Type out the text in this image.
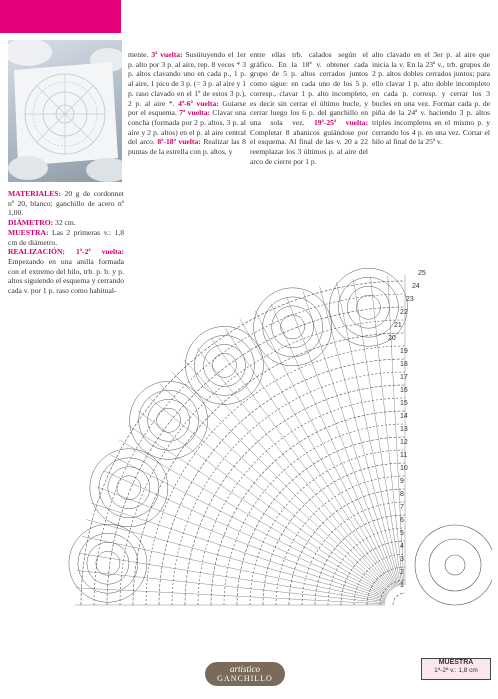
MATERIALES: 20 g de cordonnet nº 20, blanco; ganchillo de acero nº 1,00.

DIÁMETRO: 32 cm.

MUESTRA: Las 2 primeras v.: 1,8 cm de diámetro.

REALIZACIÓN: 1ª-2ª vuelta: Empezando en una anilla formada con el extremo del hilo, trb. p. b. y p. altos siguiendo el esquema y cerrando cada v. por 1 p. raso como habitual-

mente. 3ª vuelta: Sustituyendo el 1er p. alto por 3 p. al aire, rep. 8 veces * 3 p. altos clavando uno en cada p., 1 p. al aire, 1 pico de 3 p. (= 3 p. al aire y 1 p. raso clavado en el 1º de estos 3 p.), 2 p. al aire *. 4ª-6ª vuelta: Guiarse por el esquema. 7ª vuelta: Clavar una concha (formada por 2 p. altos, 3 p. al aire y 2 p. altos) en el p. al aire central del arco. 8ª-18ª vuelta: Realizar las 8 puntas de la estrella con p. altos, y

entre ellas trb. calados según el gráfico. En la 18ª v. obtener cada grupo de 5 p. altos cerrados juntos como sigue: en cada uno de los 5 p. corresp., clavar 1 p. alto incompleto, es decir sin cerrar el último bucle, y cerrar luego los 6 p. del ganchillo en una sola vez. 19ª-25ª vuelta: Completar 8 abanicos guiándose por el esquema. Al final de las v. 20 a 22 reemplazar los 3 últimos p. al aire del arco de cierre por 1 p.

alto clavado en el 3er p. al aire que inicia la v. En la 23ª v., trb. grupos de 2 p. altos dobles cerrados juntos; para ello clavar 1 p. alto doble incompleto en cada p. corresp. y cerrar los 3 bucles en una vez. Formar cada p. de piña de la 24ª v. haciendo 3 p. altos triples incompletos en el mismo p. y cerrando los 4 p. en una vez. Cortar el hilo al final de la 25ª v.

25
24
23
22
21
20
19
18
17
16
15
14
13
12
11
10
9
8
7
6
5
4
3
2
1
artistico
GANCHILLO
MUESTRA
1ª-2ª v.: 1,8 cm
